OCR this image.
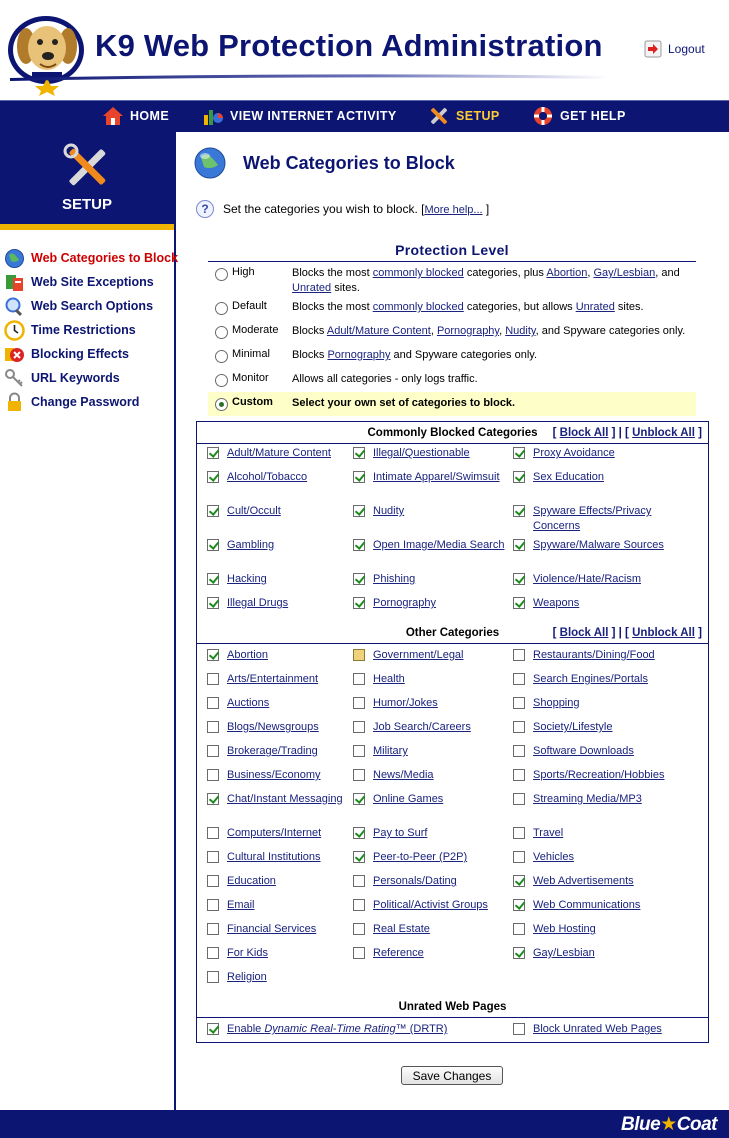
K9 Web Protection Administration	Logout
HOME	VIEW INTERNET ACTIVITY	SETUP	GET HELP
SETUP
Web Categories to Block
Web Site Exceptions
Web Search Options
Time Restrictions
Blocking Effects
URL Keywords
Change Password
Web Categories to Block
? Set the categories you wish to block. [More help... ]
Protection Level
High	Blocks the most commonly blocked categories, plus Abortion, Gay/Lesbian, and Unrated sites.
Default Blocks the most commonly blocked categories, but allows Unrated sites.
Moderate Blocks Adult/Mature Content, Pornography, Nudity, and Spyware categories only.
Minimal Blocks Pornography and Spyware categories only.
Monitor Allows all categories - only logs traffic.
Custom Select your own set of categories to block.
Commonly Blocked Categories	[ Block All ] | [ Unblock All ]
Adult/Mature Content	Illegal/Questionable	Proxy Avoidance
Alcohol/Tobacco	Intimate Apparel/Swimsuit	Sex Education
Cult/Occult	Nudity	Spyware Effects/Privacy Concerns
Gambling	Open Image/Media Search	Spyware/Malware Sources
Hacking	Phishing	Violence/Hate/Racism
Illegal Drugs	Pornography	Weapons
Other Categories	[ Block All ] | [ Unblock All ]
Abortion	Government/Legal	Restaurants/Dining/Food
Arts/Entertainment	Health	Search Engines/Portals
Auctions	Humor/Jokes	Shopping
Blogs/Newsgroups	Job Search/Careers	Society/Lifestyle
Brokerage/Trading	Military	Software Downloads
Business/Economy	News/Media	Sports/Recreation/Hobbies
Chat/Instant Messaging	Online Games	Streaming Media/MP3
Computers/Internet	Pay to Surf	Travel
Cultural Institutions	Peer-to-Peer (P2P)	Vehicles
Education	Personals/Dating	Web Advertisements
Email	Political/Activist Groups	Web Communications
Financial Services	Real Estate	Web Hosting
For Kids	Reference	Gay/Lesbian
Religion
Unrated Web Pages
Enable Dynamic Real-Time Rating™ (DRTR)	Block Unrated Web Pages
Save Changes
Blue★Coat
